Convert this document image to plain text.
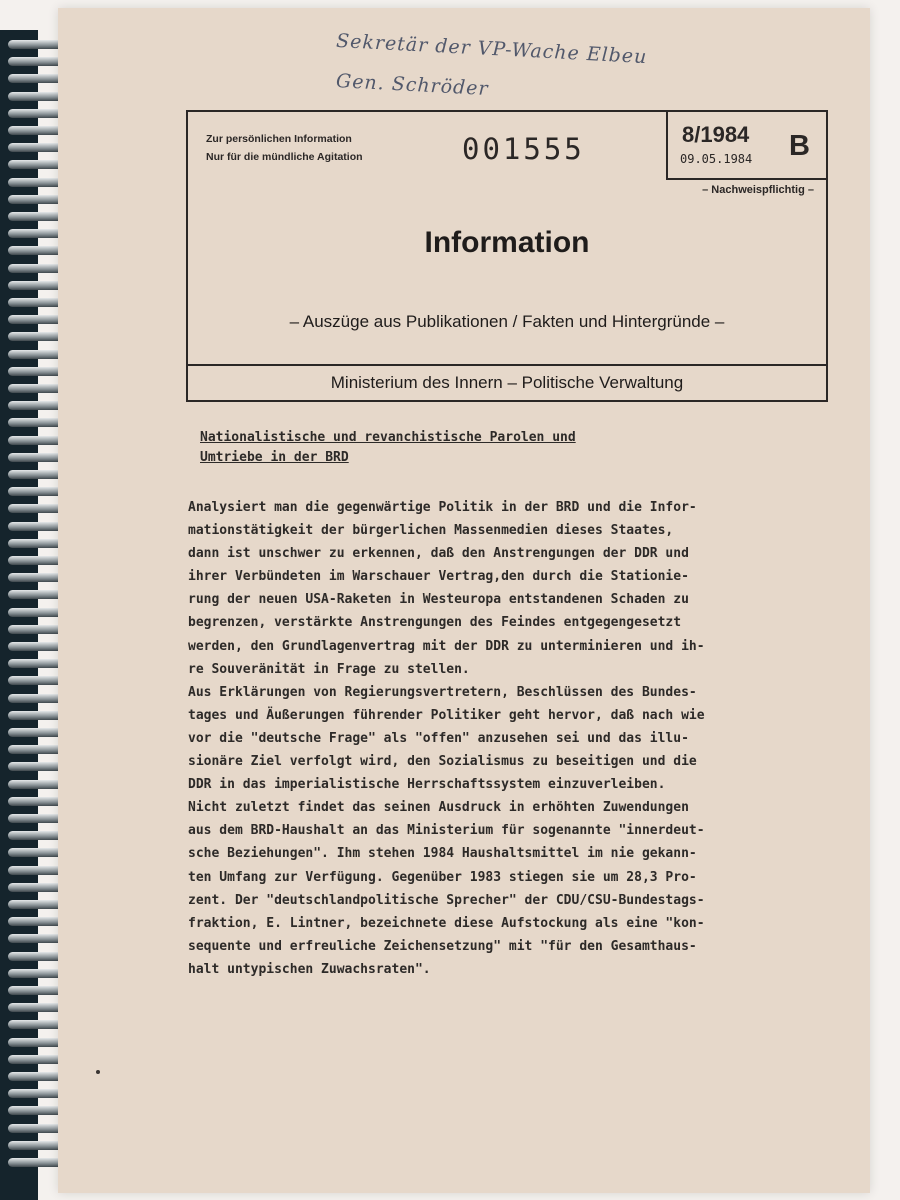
Sekretär der VP-Wache Elbeu
Gen. Schröder
Zur persönlichen Information
Nur für die mündliche Agitation	001555	8/1984
09.05.1984 B
– Nachweispflichtig –
Information
– Auszüge aus Publikationen / Fakten und Hintergründe –
Ministerium des Innern – Politische Verwaltung
Nationalistische und revanchistische Parolen und
Umtriebe in der BRD
Analysiert man die gegenwärtige Politik in der BRD und die Infor-
mationstätigkeit der bürgerlichen Massenmedien dieses Staates,
dann ist unschwer zu erkennen, daß den Anstrengungen der DDR und
ihrer Verbündeten im Warschauer Vertrag,den durch die Stationie-
rung der neuen USA-Raketen in Westeuropa entstandenen Schaden zu
begrenzen, verstärkte Anstrengungen des Feindes entgegengesetzt
werden, den Grundlagenvertrag mit der DDR zu unterminieren und ih-
re Souveränität in Frage zu stellen.
Aus Erklärungen von Regierungsvertretern, Beschlüssen des Bundes-
tages und Äußerungen führender Politiker geht hervor, daß nach wie
vor die "deutsche Frage" als "offen" anzusehen sei und das illu-
sionäre Ziel verfolgt wird, den Sozialismus zu beseitigen und die
DDR in das imperialistische Herrschaftssystem einzuverleiben.
Nicht zuletzt findet das seinen Ausdruck in erhöhten Zuwendungen
aus dem BRD-Haushalt an das Ministerium für sogenannte "innerdeut-
sche Beziehungen". Ihm stehen 1984 Haushaltsmittel im nie gekann-
ten Umfang zur Verfügung. Gegenüber 1983 stiegen sie um 28,3 Pro-
zent. Der "deutschlandpolitische Sprecher" der CDU/CSU-Bundestags-
fraktion, E. Lintner, bezeichnete diese Aufstockung als eine "kon-
sequente und erfreuliche Zeichensetzung" mit "für den Gesamthaus-
halt untypischen Zuwachsraten".
